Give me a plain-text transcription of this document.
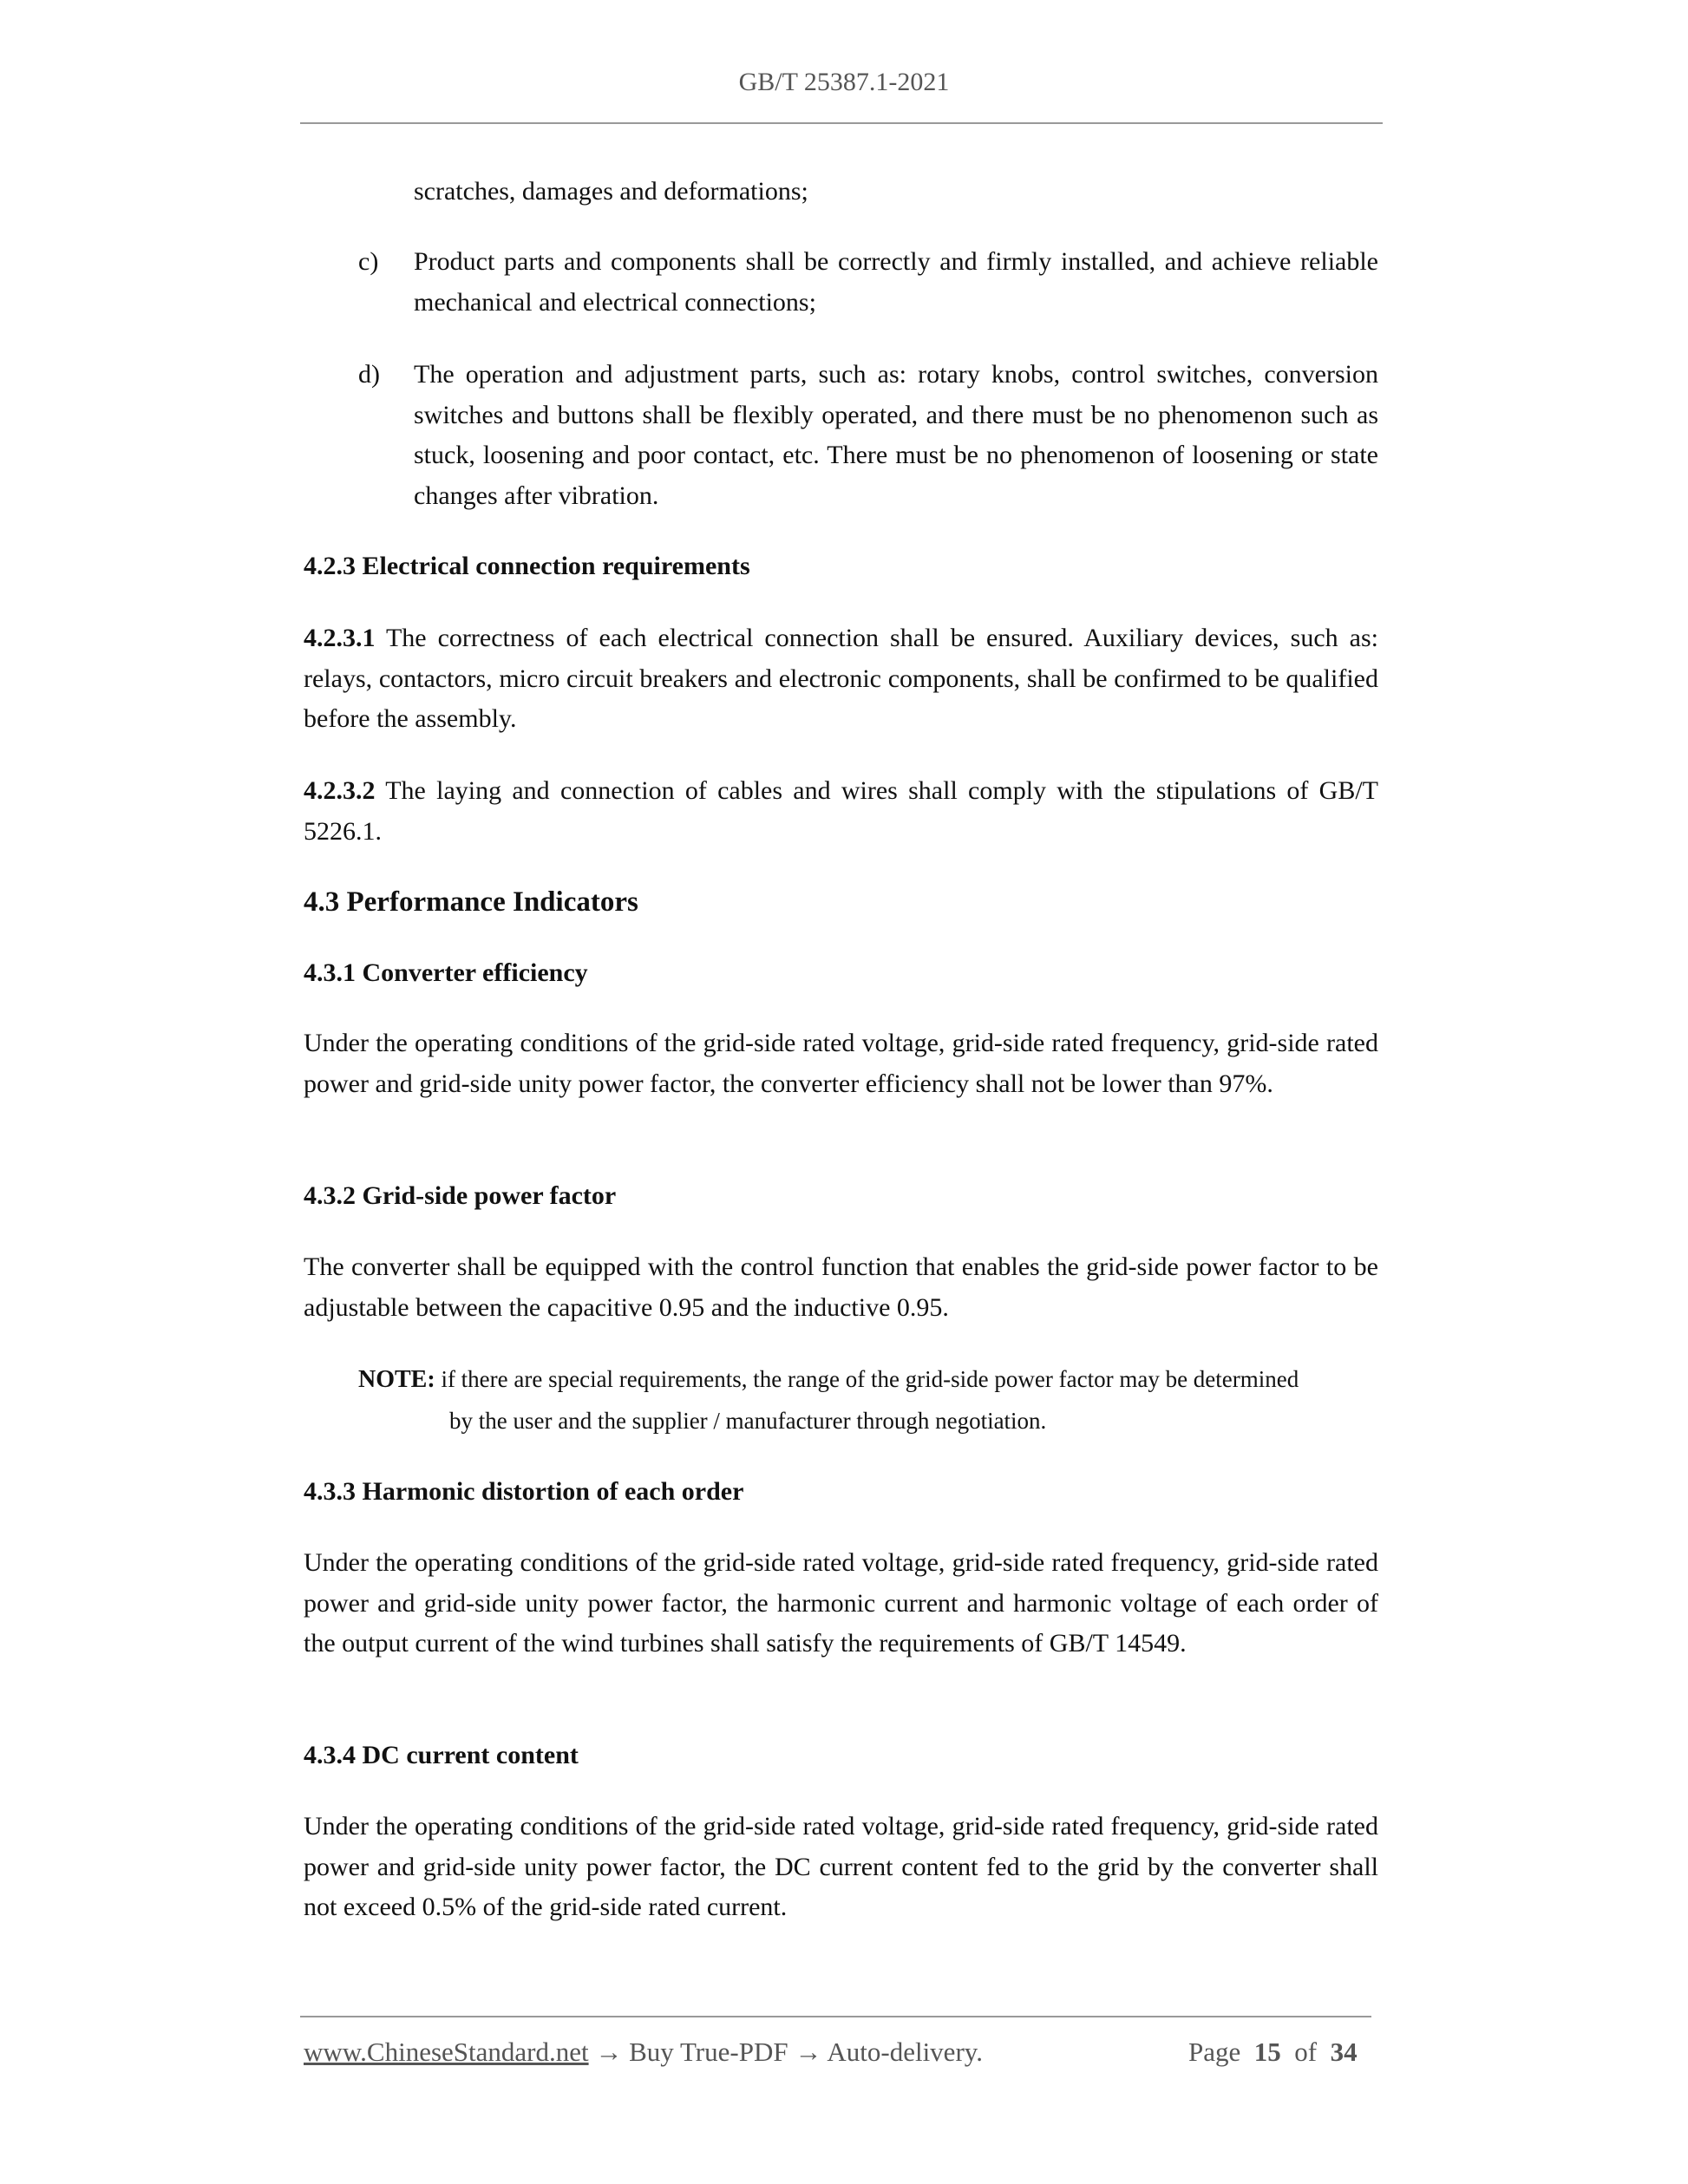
GB/T 25387.1-2021
scratches, damages and deformations;
c) Product parts and components shall be correctly and firmly installed, and achieve reliable mechanical and electrical connections;
d) The operation and adjustment parts, such as: rotary knobs, control switches, conversion switches and buttons shall be flexibly operated, and there must be no phenomenon such as stuck, loosening and poor contact, etc. There must be no phenomenon of loosening or state changes after vibration.
4.2.3 Electrical connection requirements
4.2.3.1 The correctness of each electrical connection shall be ensured. Auxiliary devices, such as: relays, contactors, micro circuit breakers and electronic components, shall be confirmed to be qualified before the assembly.
4.2.3.2 The laying and connection of cables and wires shall comply with the stipulations of GB/T 5226.1.
4.3 Performance Indicators
4.3.1 Converter efficiency
Under the operating conditions of the grid-side rated voltage, grid-side rated frequency, grid-side rated power and grid-side unity power factor, the converter efficiency shall not be lower than 97%.
4.3.2 Grid-side power factor
The converter shall be equipped with the control function that enables the grid-side power factor to be adjustable between the capacitive 0.95 and the inductive 0.95.
NOTE: if there are special requirements, the range of the grid-side power factor may be determined
by the user and the supplier / manufacturer through negotiation.
4.3.3 Harmonic distortion of each order
Under the operating conditions of the grid-side rated voltage, grid-side rated frequency, grid-side rated power and grid-side unity power factor, the harmonic current and harmonic voltage of each order of the output current of the wind turbines shall satisfy the requirements of GB/T 14549.
4.3.4 DC current content
Under the operating conditions of the grid-side rated voltage, grid-side rated frequency, grid-side rated power and grid-side unity power factor, the DC current content fed to the grid by the converter shall not exceed 0.5% of the grid-side rated current.
www.ChineseStandard.net → Buy True-PDF → Auto-delivery.	Page 15 of 34
